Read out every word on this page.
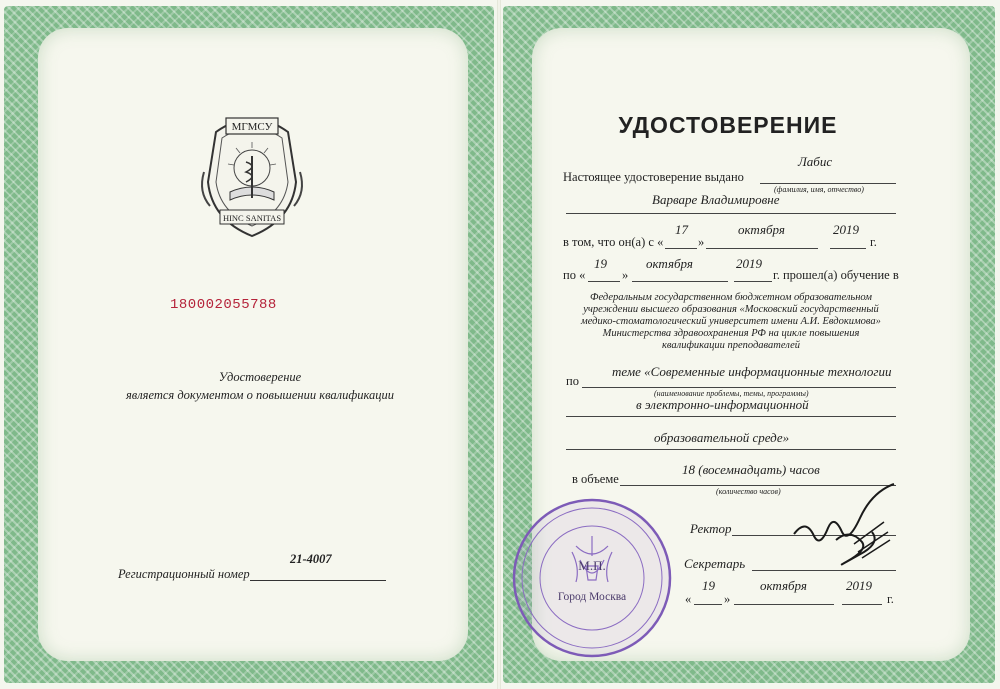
МГМСУ
HINC SANITAS
180002055788
Удостоверение
является документом о повышении квалификации
Регистрационный номер
21-4007
УДОСТОВЕРЕНИЕ
Настоящее удостоверение выдано
Лабис
(фамилия, имя, отчество)
Варваре Владимировне
в том, что он(а) с «
17
»
октября	2019
г.
по «
19
»
октября	2019
г. прошел(а) обучение в
Федеральным государственном бюджетном образовательном
учреждении высшего образования «Московский государственный
медико-стоматологический университет имени А.И. Евдокимова»
Министерства здравоохранения РФ на цикле повышения
квалификации преподавателей
по
теме «Современные информационные технологии
(наименование проблемы, темы, программы)
в электронно-информационной
образовательной среде»
в объеме
18 (восемнадцать) часов
(количество часов)
Ректор
Секретарь
«
19
»
октября	2019
г.
М.П.
Город Москва
